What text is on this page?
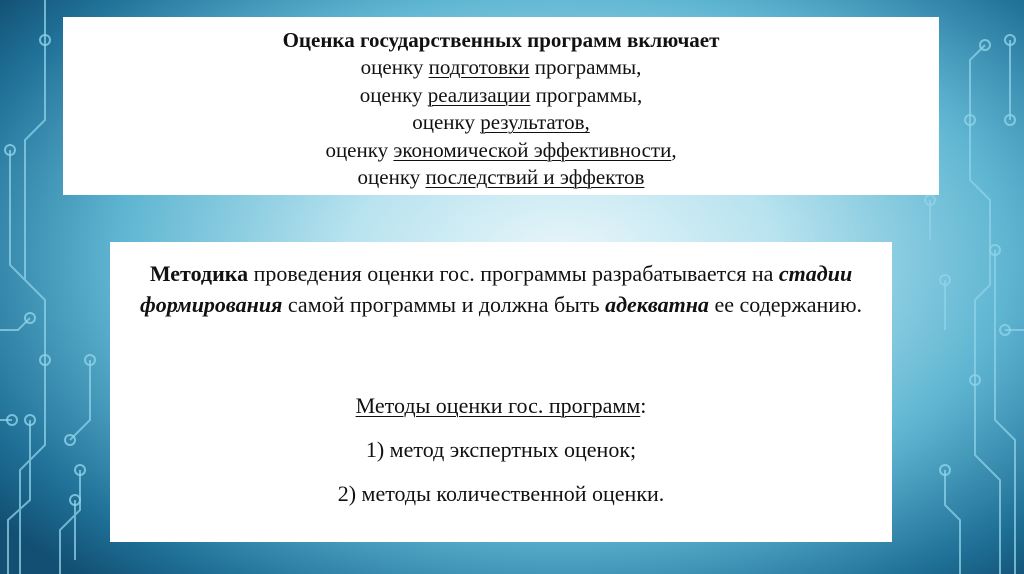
Оценка государственных программ включает
оценку подготовки программы,
оценку реализации программы,
оценку результатов,
оценку экономической эффективности,
оценку последствий и эффектов

Методика проведения оценки гос. программы разрабатывается на стадии формирования самой программы и должна быть адекватна ее содержанию.

Методы оценки гос. программ:
1) метод экспертных оценок;
2) методы количественной оценки.
